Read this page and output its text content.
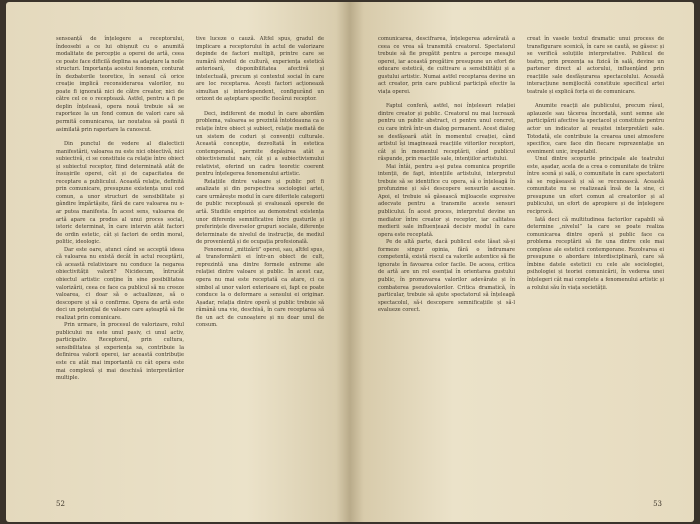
sensoanță de înțelegere a receptorului, îndeosebi a ce lui obișnuit cu o anumită modalitate de percepție a operei de artă, ceea ce poate face dificilă deplina sa adaptare la noile structuri. Importanța acestui fenomen, conturat în dezbaterile teoretice, în sensul că orice creație implică reconsiderarea valorilor, nu poate fi ignorată nici de către creator, nici de către cel ce o receptează. Astfel, pentru a fi pe deplin înțeleasă, opera nouă trebuie să se raporteze la un fond comun de valori care să permită comunicarea, iar noutatea să poată fi asimilată prin raportare la cunoscut.

Din punctul de vedere al dialecticii manifestării, valoarea nu este nici obiectivă, nici subiectivă, ci se constituie ca relație între obiect și subiectul receptor, fiind determinată atât de însușirile operei, cât și de capacitatea de receptare a publicului. Această relație, definită prin comunicare, presupune existența unui cod comun, a unor structuri de sensibilitate și gândire împărtășite, fără de care valoarea nu s-ar putea manifesta. În acest sens, valoarea de artă apare ca produs al unui proces social, istoric determinat, în care intervin atât factori de ordin estetic, cât și factori de ordin moral, politic, ideologic.

Dar este oare, atunci când se acceptă ideea că valoarea nu există decât în actul receptării, că această relativizare nu conduce la negarea obiectivității valorii? Nicidecum, întrucât obiectul artistic conține în sine posibilitatea valorizării, ceea ce face ca publicul să nu creeze valoarea, ci doar să o actualizeze, să o descopere și să o confirme. Opera de artă este deci un potențial de valoare care așteaptă să fie realizat prin comunicare.

Prin urmare, în procesul de valorizare, rolul publicului nu este unul pasiv, ci unul activ, participativ. Receptorul, prin cultura, sensibilitatea și experiența sa, contribuie la definirea valorii operei, iar această contribuție este cu atât mai importantă cu cât opera este mai complexă și mai deschisă interpretărilor multiple.

tive luceze o cauză. Altfel spus, gradul de implicare a receptorului în actul de valorizare depinde de factori multipli, printre care se numără nivelul de cultură, experiența estetică anterioară, disponibilitatea afectivă și intelectuală, precum și contextul social în care are loc receptarea. Acești factori acționează simultan și interdependent, configurând un orizont de așteptare specific fiecărui receptor.

Deci, indiferent de modul în care abordăm problema, valoarea se prezintă întotdeauna ca o relație între obiect și subiect, relație mediată de un sistem de coduri și convenții culturale. Această concepție, dezvoltată în estetica contemporană, permite depășirea atât a obiectivismului naiv, cât și a subiectivismului relativist, oferind un cadru teoretic coerent pentru înțelegerea fenomenului artistic.

Relațiile dintre valoare și public pot fi analizate și din perspectiva sociologiei artei, care urmărește modul în care diferitele categorii de public receptează și evaluează operele de artă. Studiile empirice au demonstrat existența unor diferențe semnificative între gusturile și preferințele diverselor grupuri sociale, diferențe determinate de nivelul de instrucție, de mediul de proveniență și de ocupația profesională.

Fenomenul „mitizării” operei, sau, altfel spus, al transformării ei într-un obiect de cult, reprezintă una dintre formele extreme ale relației dintre valoare și public. În acest caz, opera nu mai este receptată ca atare, ci ca simbol al unor valori exterioare ei, fapt ce poate conduce la o deformare a sensului ei originar. Așadar, relația dintre operă și public trebuie să rămână una vie, deschisă, în care receptarea să fie un act de cunoaștere și nu doar unul de consum.

52

comunicarea, descifrarea, înțelegerea adevărată a ceea ce vrea să transmită creatorul. Spectatorul trebuie să fie pregătit pentru a percepe mesajul operei, iar această pregătire presupune un efort de educare estetică, de cultivare a sensibilității și a gustului artistic. Numai astfel receptarea devine un act creator, prin care publicul participă efectiv la viața operei.

Faptul conferă, astfel, noi înțelesuri relației dintre creator și public. Creatorul nu mai lucrează pentru un public abstract, ci pentru unul concret, cu care intră într-un dialog permanent. Acest dialog se desfășoară atât în momentul creației, când artistul își imaginează reacțiile viitorilor receptori, cât și în momentul receptării, când publicul răspunde, prin reacțiile sale, intențiilor artistului.

Mai întâi, pentru a-și putea comunica propriile intenții, de fapt, intențiile artistului, interpretul trebuie să se identifice cu opera, să o înțeleagă în profunzime și să-i descopere sensurile ascunse. Apoi, el trebuie să găsească mijloacele expresive adecvate pentru a transmite aceste sensuri publicului. În acest proces, interpretul devine un mediator între creator și receptor, iar calitatea medierii sale influențează decisiv modul în care opera este receptată.

Pe de altă parte, dacă publicul este lăsat să-și formeze singur opinia, fără o îndrumare competentă, există riscul ca valorile autentice să fie ignorate în favoarea celor facile. De aceea, critica de artă are un rol esențial în orientarea gustului public, în promovarea valorilor adevărate și în combaterea pseudovalorilor. Critica dramatică, în particular, trebuie să ajute spectatorul să înțeleagă spectacolul, să-i descopere semnificațiile și să-l evalueze corect.

creat în vasele textul dramatic unui process de transfigurare scenică, în care se caută, se găsesc și se verifică soluțiile interpretative. Publicul de teatru, prin prezența sa fizică în sală, devine un partener direct al actorului, influențând prin reacțiile sale desfășurarea spectacolului. Această interacțiune nemijlocită constituie specificul artei teatrale și explică forța ei de comunicare.

Anumite reacții ale publicului, precum râsul, aplauzele sau tăcerea încordată, sunt semne ale participării afective la spectacol și constituie pentru actor un indicator al reușitei interpretării sale. Totodată, ele contribuie la crearea unei atmosfere specifice, care face din fiecare reprezentație un eveniment unic, irepetabil.

Unul dintre scopurile principale ale teatrului este, așadar, acela de a crea o comunitate de trăire între scenă și sală, o comunitate în care spectatorii să se regăsească și să se recunoască. Această comunitate nu se realizează însă de la sine, ci presupune un efort comun al creatorilor și al publicului, un efort de apropiere și de înțelegere reciprocă.

Iată deci că multitudinea factorilor capabili să determine „nivelul” la care se poate realiza comunicarea dintre operă și public face ca problema receptării să fie una dintre cele mai complexe ale esteticii contemporane. Rezolvarea ei presupune o abordare interdisciplinară, care să îmbine datele esteticii cu cele ale sociologiei, psihologiei și teoriei comunicării, în vederea unei înțelegeri cât mai complete a fenomenului artistic și a rolului său în viața societății.

53
